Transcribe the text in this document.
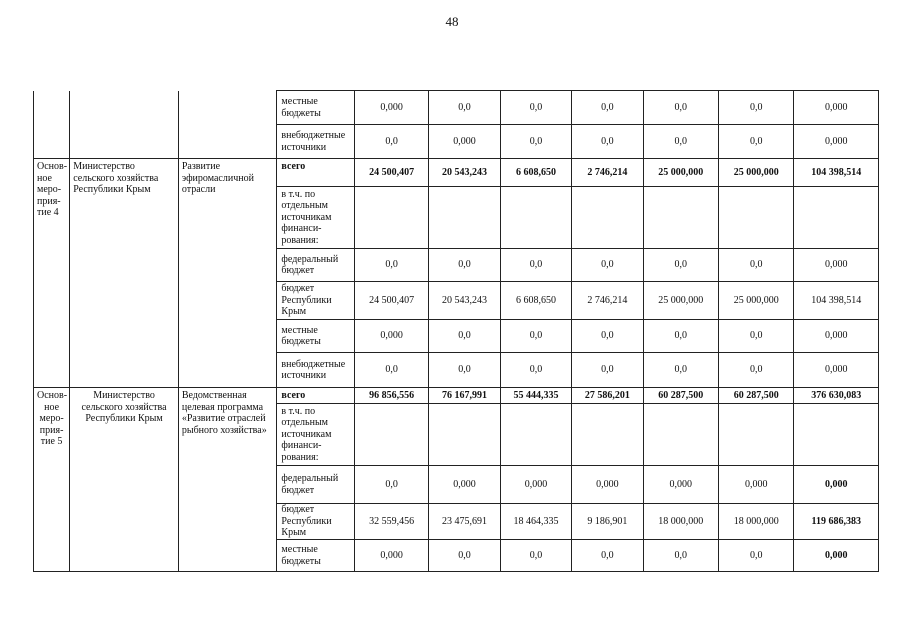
48
			местные бюджеты	0,000	0,0	0,0	0,0	0,0	0,0	0,000
			внебюджетные источники	0,0	0,000	0,0	0,0	0,0	0,0	0,000
Основ-ное меро-прия-тие 4	Министерство сельского хозяйства Республики Крым	Развитие эфиромасличной отрасли	всего	24 500,407	20 543,243	6 608,650	2 746,214	25 000,000	25 000,000	104 398,514
			в т.ч. по отдельным источникам финанси-рования:							
			федеральный бюджет	0,0	0,0	0,0	0,0	0,0	0,0	0,000
			бюджет Республики Крым	24 500,407	20 543,243	6 608,650	2 746,214	25 000,000	25 000,000	104 398,514
			местные бюджеты	0,000	0,0	0,0	0,0	0,0	0,0	0,000
			внебюджетные источники	0,0	0,0	0,0	0,0	0,0	0,0	0,000
Основ-ное меро-прия-тие 5	Министерство сельского хозяйства Республики Крым	Ведомственная целевая программа «Развитие отраслей рыбного хозяйства»	всего	96 856,556	76 167,991	55 444,335	27 586,201	60 287,500	60 287,500	376 630,083
			в т.ч. по отдельным источникам финанси-рования:							
			федеральный бюджет	0,0	0,000	0,000	0,000	0,000	0,000	0,000
			бюджет Республики Крым	32 559,456	23 475,691	18 464,335	9 186,901	18 000,000	18 000,000	119 686,383
			местные бюджеты	0,000	0,0	0,0	0,0	0,0	0,0	0,000
